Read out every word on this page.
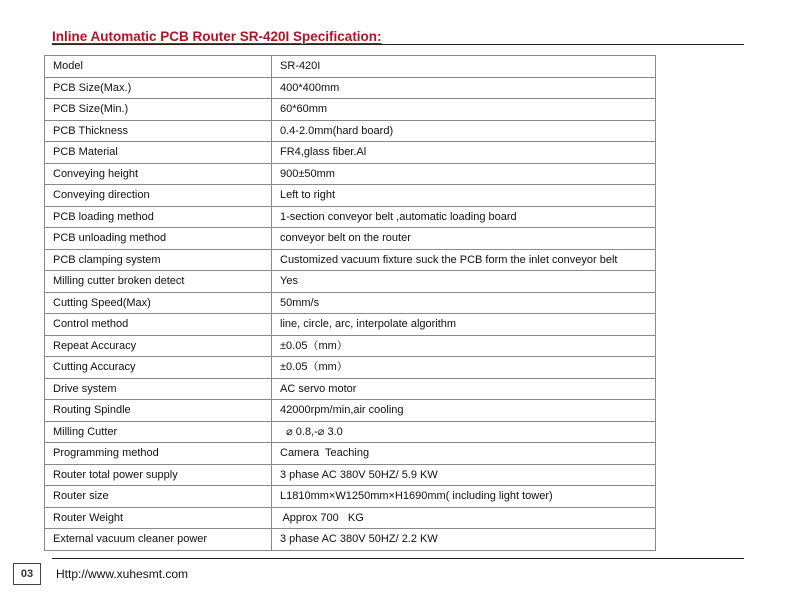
Inline Automatic PCB Router SR-420I Specification:
Model	SR-420I
PCB Size(Max.)	400*400mm
PCB Size(Min.)	60*60mm
PCB Thickness	0.4-2.0mm(hard board)
PCB Material	FR4,glass fiber.Al
Conveying height	900±50mm
Conveying direction	Left to right
PCB loading method	1-section conveyor belt ,automatic loading board
PCB unloading method	conveyor belt on the router
PCB clamping system	Customized vacuum fixture suck the PCB form the inlet conveyor belt
Milling cutter broken detect	Yes
Cutting Speed(Max)	50mm/s
Control method	line, circle, arc, interpolate algorithm
Repeat Accuracy	±0.05（mm）
Cutting Accuracy	±0.05（mm）
Drive system	AC servo motor
Routing Spindle	42000rpm/min,air cooling
Milling Cutter	⌀ 0.8,-⌀ 3.0
Programming method	Camera  Teaching
Router total power supply	3 phase AC 380V 50HZ/ 5.9 KW
Router size	L1810mm×W1250mm×H1690mm( including light tower)
Router Weight	Approx 700   KG
External vacuum cleaner power	3 phase AC 380V 50HZ/ 2.2 KW
03	Http://www.xuhesmt.com
